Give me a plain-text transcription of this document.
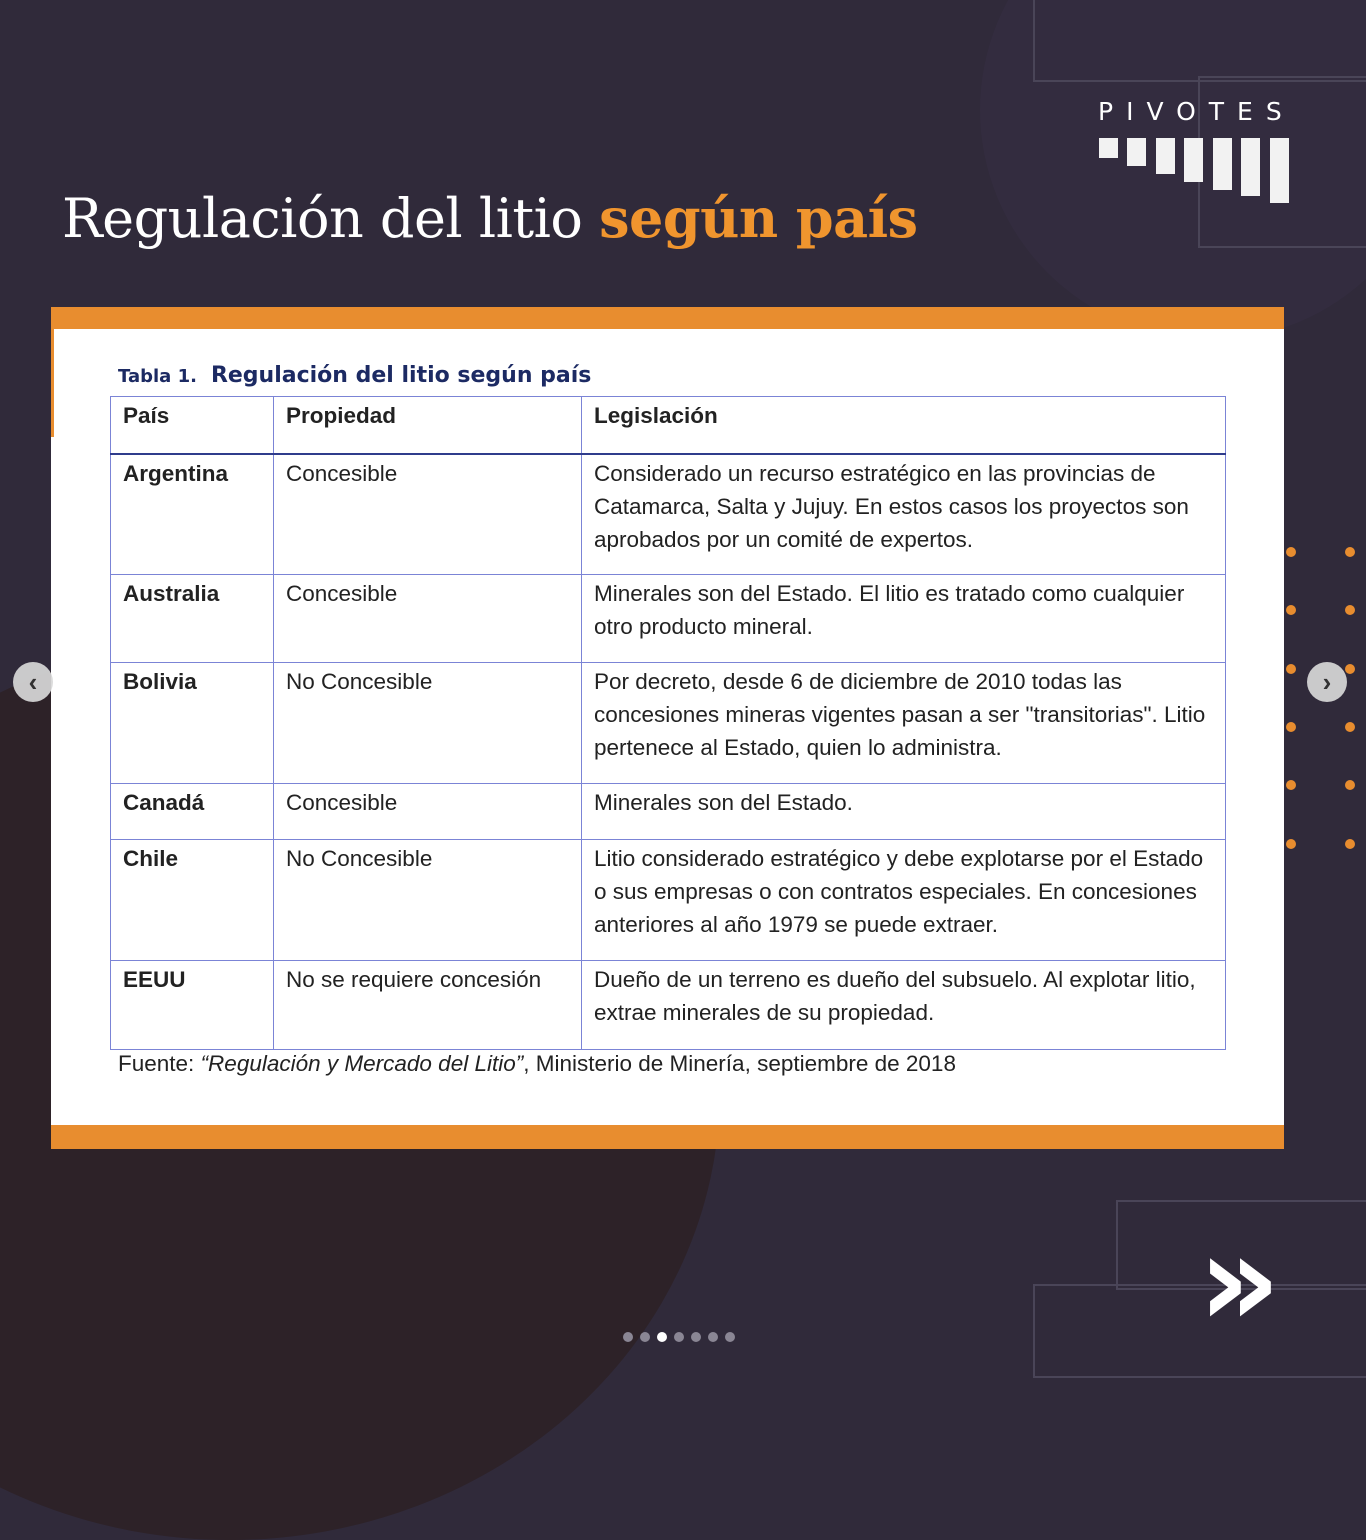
PIVOTES
Regulación del litio según país
Tabla 1. Regulación del litio según país
País	Propiedad	Legislación
Argentina	Concesible	Considerado un recurso estratégico en las provincias de Catamarca, Salta y Jujuy. En estos casos los proyectos son aprobados por un comité de expertos.
Australia	Concesible	Minerales son del Estado. El litio es tratado como cualquier otro producto mineral.
Bolivia	No Concesible	Por decreto, desde 6 de diciembre de 2010 todas las concesiones mineras vigentes pasan a ser "transitorias". Litio pertenece al Estado, quien lo administra.
Canadá	Concesible	Minerales son del Estado.
Chile	No Concesible	Litio considerado estratégico y debe explotarse por el Estado o sus empresas o con contratos especiales. En concesiones anteriores al año 1979 se puede extraer.
EEUU	No se requiere concesión	Dueño de un terreno es dueño del subsuelo. Al explotar litio, extrae minerales de su propiedad.
Fuente: “Regulación y Mercado del Litio”, Ministerio de Minería, septiembre de 2018
‹	›
»
